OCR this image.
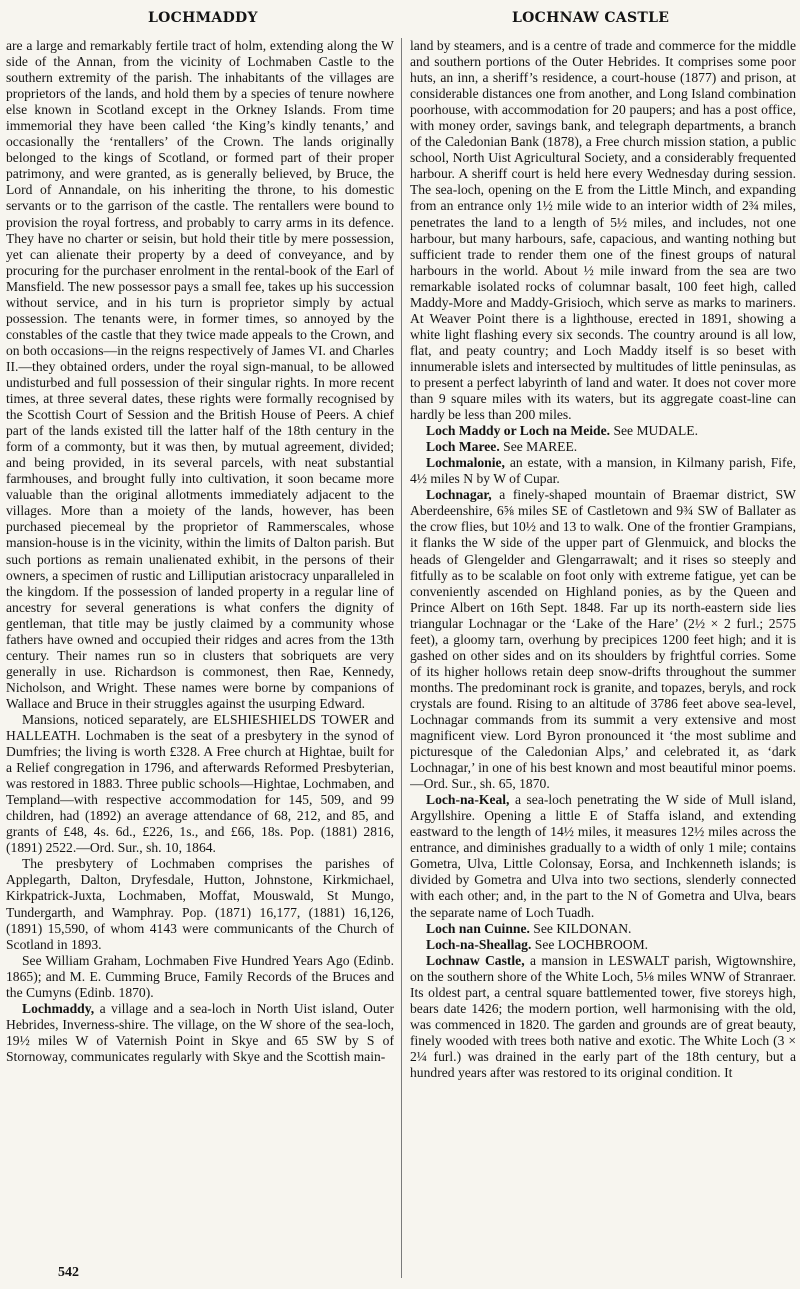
LOCHMADDY	LOCHNAW CASTLE

are a large and remarkably fertile tract of holm, extending along the W side of the Annan, from the vicinity of Lochmaben Castle to the southern extremity of the parish. The inhabitants of the villages are proprietors of the lands, and hold them by a species of tenure nowhere else known in Scotland except in the Orkney Islands. From time immemorial they have been called ‘the King’s kindly tenants,’ and occasionally the ‘rentallers’ of the Crown. The lands originally belonged to the kings of Scotland, or formed part of their proper patrimony, and were granted, as is generally believed, by Bruce, the Lord of Annandale, on his inheriting the throne, to his domestic servants or to the garrison of the castle. The rentallers were bound to provision the royal fortress, and probably to carry arms in its defence. They have no charter or seisin, but hold their title by mere possession, yet can alienate their property by a deed of conveyance, and by procuring for the purchaser enrolment in the rental-book of the Earl of Mansfield. The new possessor pays a small fee, takes up his succession without service, and in his turn is proprietor simply by actual possession. The tenants were, in former times, so annoyed by the constables of the castle that they twice made appeals to the Crown, and on both occasions—in the reigns respectively of James VI. and Charles II.—they obtained orders, under the royal sign-manual, to be allowed undisturbed and full possession of their singular rights. In more recent times, at three several dates, these rights were formally recognised by the Scottish Court of Session and the British House of Peers. A chief part of the lands existed till the latter half of the 18th century in the form of a commonty, but it was then, by mutual agreement, divided; and being provided, in its several parcels, with neat substantial farmhouses, and brought fully into cultivation, it soon became more valuable than the original allotments immediately adjacent to the villages. More than a moiety of the lands, however, has been purchased piecemeal by the proprietor of Rammerscales, whose mansion-house is in the vicinity, within the limits of Dalton parish. But such portions as remain unalienated exhibit, in the persons of their owners, a specimen of rustic and Lilliputian aristocracy unparalleled in the kingdom. If the possession of landed property in a regular line of ancestry for several generations is what confers the dignity of gentleman, that title may be justly claimed by a community whose fathers have owned and occupied their ridges and acres from the 13th century. Their names run so in clusters that sobriquets are very generally in use. Richardson is commonest, then Rae, Kennedy, Nicholson, and Wright. These names were borne by companions of Wallace and Bruce in their struggles against the usurping Edward.

Mansions, noticed separately, are ELSHIESHIELDS TOWER and HALLEATH. Lochmaben is the seat of a presbytery in the synod of Dumfries; the living is worth £328. A Free church at Hightae, built for a Relief congregation in 1796, and afterwards Reformed Presbyterian, was restored in 1883. Three public schools—Hightae, Lochmaben, and Templand—with respective accommodation for 145, 509, and 99 children, had (1892) an average attendance of 68, 212, and 85, and grants of £48, 4s. 6d., £226, 1s., and £66, 18s. Pop. (1881) 2816, (1891) 2522.—Ord. Sur., sh. 10, 1864.

The presbytery of Lochmaben comprises the parishes of Applegarth, Dalton, Dryfesdale, Hutton, Johnstone, Kirkmichael, Kirkpatrick-Juxta, Lochmaben, Moffat, Mouswald, St Mungo, Tundergarth, and Wamphray. Pop. (1871) 16,177, (1881) 16,126, (1891) 15,590, of whom 4143 were communicants of the Church of Scotland in 1893.

See William Graham, Lochmaben Five Hundred Years Ago (Edinb. 1865); and M. E. Cumming Bruce, Family Records of the Bruces and the Cumyns (Edinb. 1870).

Lochmaddy, a village and a sea-loch in North Uist island, Outer Hebrides, Inverness-shire. The village, on the W shore of the sea-loch, 19½ miles W of Vaternish Point in Skye and 65 SW by S of Stornoway, communicates regularly with Skye and the Scottish main-

land by steamers, and is a centre of trade and commerce for the middle and southern portions of the Outer Hebrides. It comprises some poor huts, an inn, a sheriff’s residence, a court-house (1877) and prison, at considerable distances one from another, and Long Island combination poorhouse, with accommodation for 20 paupers; and has a post office, with money order, savings bank, and telegraph departments, a branch of the Caledonian Bank (1878), a Free church mission station, a public school, North Uist Agricultural Society, and a considerably frequented harbour. A sheriff court is held here every Wednesday during session. The sea-loch, opening on the E from the Little Minch, and expanding from an entrance only 1½ mile wide to an interior width of 2¾ miles, penetrates the land to a length of 5½ miles, and includes, not one harbour, but many harbours, safe, capacious, and wanting nothing but sufficient trade to render them one of the finest groups of natural harbours in the world. About ½ mile inward from the sea are two remarkable isolated rocks of columnar basalt, 100 feet high, called Maddy-More and Maddy-Grisioch, which serve as marks to mariners. At Weaver Point there is a lighthouse, erected in 1891, showing a white light flashing every six seconds. The country around is all low, flat, and peaty country; and Loch Maddy itself is so beset with innumerable islets and intersected by multitudes of little peninsulas, as to present a perfect labyrinth of land and water. It does not cover more than 9 square miles with its waters, but its aggregate coast-line can hardly be less than 200 miles.

Loch Maddy or Loch na Meide. See MUDALE.

Loch Maree. See MAREE.

Lochmalonie, an estate, with a mansion, in Kilmany parish, Fife, 4½ miles N by W of Cupar.

Lochnagar, a finely-shaped mountain of Braemar district, SW Aberdeenshire, 6⅝ miles SE of Castletown and 9¾ SW of Ballater as the crow flies, but 10½ and 13 to walk. One of the frontier Grampians, it flanks the W side of the upper part of Glenmuick, and blocks the heads of Glengelder and Glengarrawalt; and it rises so steeply and fitfully as to be scalable on foot only with extreme fatigue, yet can be conveniently ascended on Highland ponies, as by the Queen and Prince Albert on 16th Sept. 1848. Far up its north-eastern side lies triangular Lochnagar or the ‘Lake of the Hare’ (2½ × 2 furl.; 2575 feet), a gloomy tarn, overhung by precipices 1200 feet high; and it is gashed on other sides and on its shoulders by frightful corries. Some of its higher hollows retain deep snow-drifts throughout the summer months. The predominant rock is granite, and topazes, beryls, and rock crystals are found. Rising to an altitude of 3786 feet above sea-level, Lochnagar commands from its summit a very extensive and most magnificent view. Lord Byron pronounced it ‘the most sublime and picturesque of the Caledonian Alps,’ and celebrated it, as ‘dark Lochnagar,’ in one of his best known and most beautiful minor poems.—Ord. Sur., sh. 65, 1870.

Loch-na-Keal, a sea-loch penetrating the W side of Mull island, Argyllshire. Opening a little E of Staffa island, and extending eastward to the length of 14½ miles, it measures 12½ miles across the entrance, and diminishes gradually to a width of only 1 mile; contains Gometra, Ulva, Little Colonsay, Eorsa, and Inchkenneth islands; is divided by Gometra and Ulva into two sections, slenderly connected with each other; and, in the part to the N of Gometra and Ulva, bears the separate name of Loch Tuadh.

Loch nan Cuinne. See KILDONAN.

Loch-na-Sheallag. See LOCHBROOM.

Lochnaw Castle, a mansion in LESWALT parish, Wigtownshire, on the southern shore of the White Loch, 5⅛ miles WNW of Stranraer. Its oldest part, a central square battlemented tower, five storeys high, bears date 1426; the modern portion, well harmonising with the old, was commenced in 1820. The garden and grounds are of great beauty, finely wooded with trees both native and exotic. The White Loch (3 × 2¼ furl.) was drained in the early part of the 18th century, but a hundred years after was restored to its original condition. It

542
